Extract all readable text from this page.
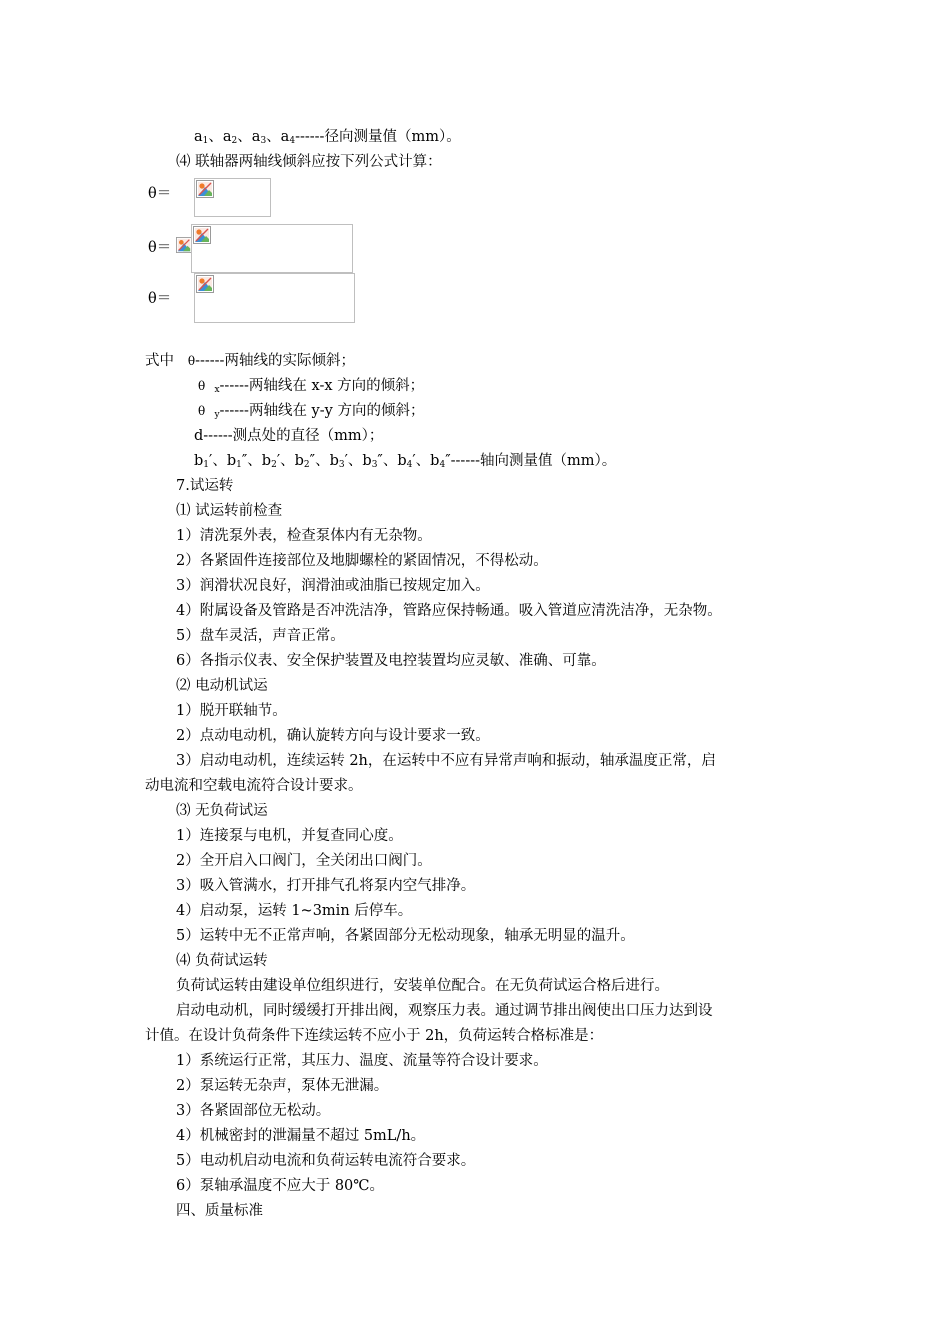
a1、a2、a3、a4------径向测量值（mm）。
⑷ 联轴器两轴线倾斜应按下列公式计算：
θ＝
θ＝
θ＝
式中 θ------两轴线的实际倾斜；
θ x------两轴线在 x-x 方向的倾斜；
θ y------两轴线在 y-y 方向的倾斜；
d------测点处的直径（mm）；
b1′、b1″、b2′、b2″、b3′、b3″、b4′、b4″------轴向测量值（mm）。
7.试运转
⑴ 试运转前检查
1）清洗泵外表，检查泵体内有无杂物。
2）各紧固件连接部位及地脚螺栓的紧固情况，不得松动。
3）润滑状况良好，润滑油或油脂已按规定加入。
4）附属设备及管路是否冲洗洁净，管路应保持畅通。吸入管道应清洗洁净，无杂物。
5）盘车灵活，声音正常。
6）各指示仪表、安全保护装置及电控装置均应灵敏、准确、可靠。
⑵ 电动机试运
1）脱开联轴节。
2）点动电动机，确认旋转方向与设计要求一致。
3）启动电动机，连续运转 2h，在运转中不应有异常声响和振动，轴承温度正常，启
动电流和空载电流符合设计要求。
⑶ 无负荷试运
1）连接泵与电机，并复查同心度。
2）全开启入口阀门，全关闭出口阀门。
3）吸入管满水，打开排气孔将泵内空气排净。
4）启动泵，运转 1~3min 后停车。
5）运转中无不正常声响，各紧固部分无松动现象，轴承无明显的温升。
⑷ 负荷试运转
负荷试运转由建设单位组织进行，安装单位配合。在无负荷试运合格后进行。
启动电动机，同时缓缓打开排出阀，观察压力表。通过调节排出阀使出口压力达到设
计值。在设计负荷条件下连续运转不应小于 2h，负荷运转合格标准是：
1）系统运行正常，其压力、温度、流量等符合设计要求。
2）泵运转无杂声，泵体无泄漏。
3）各紧固部位无松动。
4）机械密封的泄漏量不超过 5mL/h。
5）电动机启动电流和负荷运转电流符合要求。
6）泵轴承温度不应大于 80℃。
四、质量标准
